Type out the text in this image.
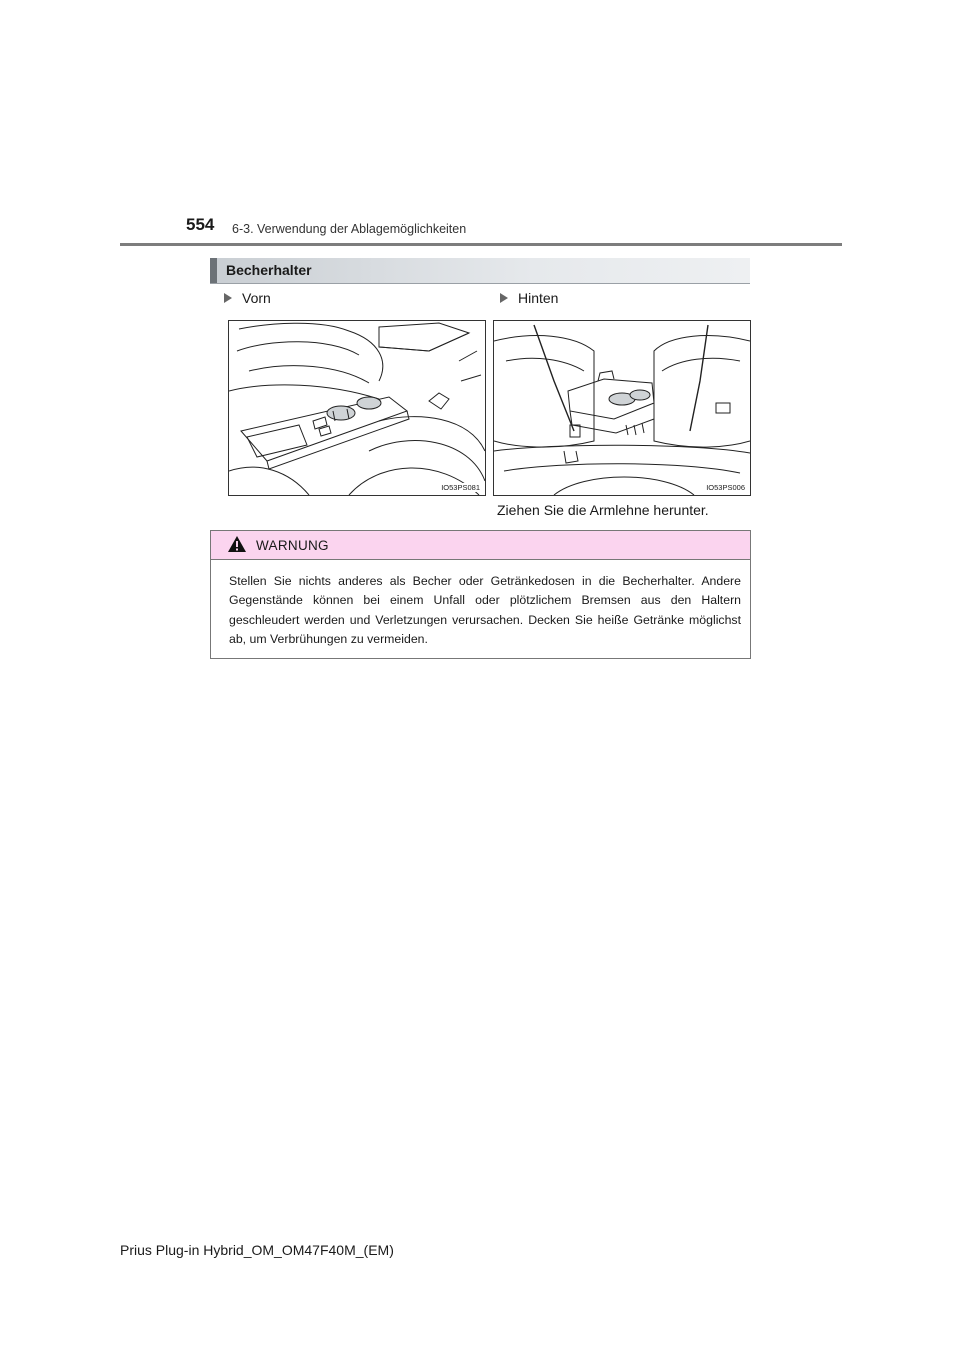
554 6-3. Verwendung der Ablagemöglichkeiten
Becherhalter
Vorn	Hinten
IO53PS081	IO53PS006
Ziehen Sie die Armlehne herunter.
WARNUNG

Stellen Sie nichts anderes als Becher oder Getränkedosen in die Becherhalter. Andere Gegenstände können bei einem Unfall oder plötzlichem Bremsen aus den Haltern geschleudert werden und Verletzungen verursachen. Decken Sie heiße Getränke möglichst ab, um Verbrühungen zu vermeiden.

Prius Plug-in Hybrid_OM_OM47F40M_(EM)
